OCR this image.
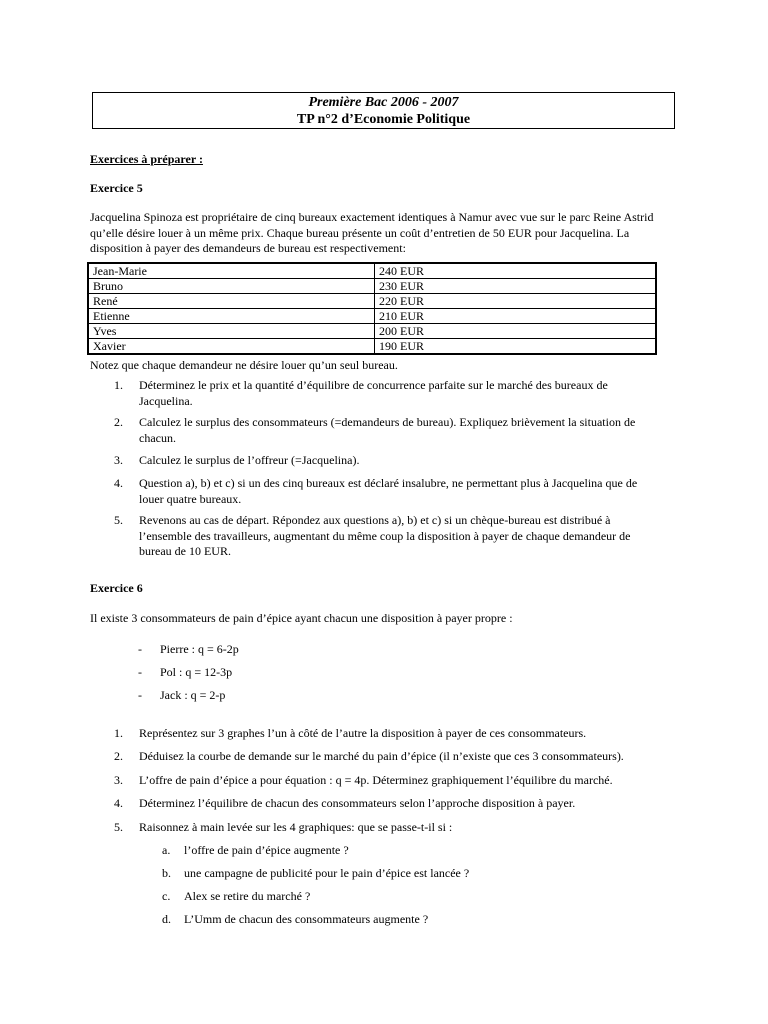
Première Bac 2006 - 2007
TP n°2 d’Economie Politique
Exercices à préparer :
Exercice 5
Jacquelina Spinoza est propriétaire de cinq bureaux exactement identiques à Namur avec vue sur le parc Reine Astrid qu’elle désire louer à un même prix. Chaque bureau présente un coût d’entretien de 50 EUR pour Jacquelina. La disposition à payer des demandeurs de bureau est respectivement:
Jean-Marie	240 EUR
Bruno	230 EUR
René	220 EUR
Etienne	210 EUR
Yves	200 EUR
Xavier	190 EUR
Notez que chaque demandeur ne désire louer qu’un seul bureau.
1.	Déterminez le prix et la quantité d’équilibre de concurrence parfaite sur le marché des bureaux de Jacquelina.
2.	Calculez le surplus des consommateurs (=demandeurs de bureau). Expliquez brièvement la situation de chacun.
3.	Calculez le surplus de l’offreur (=Jacquelina).
4.	Question a), b) et c) si un des cinq bureaux est déclaré insalubre, ne permettant plus à Jacquelina que de louer quatre bureaux.
5.	Revenons au cas de départ. Répondez aux questions a), b) et c) si un chèque-bureau est distribué à l’ensemble des travailleurs, augmentant du même coup la disposition à payer de chaque demandeur de bureau de 10 EUR.
Exercice 6
Il existe 3 consommateurs de pain d’épice ayant chacun une disposition à payer propre :
- Pierre : q = 6-2p
- Pol : q = 12-3p
- Jack : q = 2-p
1.	Représentez sur 3 graphes l’un à côté de l’autre la disposition à payer de ces consommateurs.
2.	Déduisez la courbe de demande sur le marché du pain d’épice (il n’existe que ces 3 consommateurs).
3.	L’offre de pain d’épice a pour équation : q = 4p. Déterminez graphiquement l’équilibre du marché.
4.	Déterminez l’équilibre de chacun des consommateurs selon l’approche disposition à payer.
5.	Raisonnez à main levée sur les 4 graphiques: que se passe-t-il si :
a. l’offre de pain d’épice augmente ?
b. une campagne de publicité pour le pain d’épice est lancée ?
c. Alex se retire du marché ?
d. L’Umm de chacun des consommateurs augmente ?
